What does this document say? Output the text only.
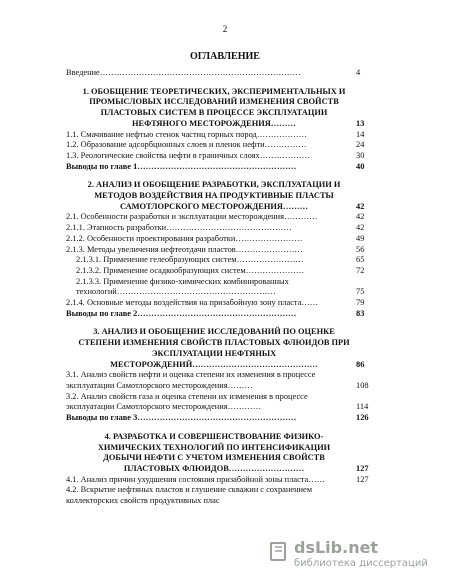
2
ОГЛАВЛЕНИЕ
Введение………………………………………………………………	4
1. ОБОБЩЕНИЕ ТЕОРЕТИЧЕСКИХ, ЭКСПЕРИМЕНТАЛЬНЫХ И ПРОМЫСЛОВЫХ ИССЛЕДОВАНИЙ ИЗМЕНЕНИЯ СВОЙСТВ ПЛАСТОВЫХ СИСТЕМ В ПРОЦЕССЕ ЭКСПЛУАТАЦИИ НЕФТЯНОГО МЕСТОРОЖДЕНИЯ………	13
1.1. Смачивание нефтью стенок частиц горных пород………………	14
1.2. Образование адсорбционных слоев и пленок нефти……………	24
1.3. Реологические свойства нефти в граничных слоях………………	30
Выводы по главе 1…………………………………………………	40
2. АНАЛИЗ И ОБОБЩЕНИЕ РАЗРАБОТКИ, ЭКСПЛУАТАЦИИ И МЕТОДОВ ВОЗДЕЙСТВИЯ НА ПРОДУКТИВНЫЕ ПЛАСТЫ САМОТЛОРСКОГО МЕСТОРОЖДЕНИЯ………	42
2.1. Особенности разработки и эксплуатации месторождения…………	42
2.1.1. Этапность разработки………………………………………	42
2.1.2. Особенности проектирования разработки……………………	49
2.1.3. Методы увеличения нефтеотдачи пластов……………………	56
2.1.3.1. Применение гелеобразующих систем……………………	65
2.1.3.2. Применение осадкообразующих систем…………………	72
2.1.3.3. Применение физико-химических комбинированных технологий…………………………………………………	75
2.1.4. Основные методы воздействия на призабойную зону пласта……	79
Выводы по главе 2…………………………………………………	83
3. АНАЛИЗ И ОБОБЩЕНИЕ ИССЛЕДОВАНИЙ ПО ОЦЕНКЕ СТЕПЕНИ ИЗМЕНЕНИЯ СВОЙСТВ ПЛАСТОВЫХ ФЛЮИДОВ ПРИ ЭКСПЛУАТАЦИИ НЕФТЯНЫХ МЕСТОРОЖДЕНИЙ………………………………………	86
3.1. Анализ свойств нефти и оценка степени их изменения в процессе эксплуатации Самотлорского месторождения………	108
3.2. Анализ свойств газа и оценка степени их изменения в процессе эксплуатации Самотлорского месторождения…………	114
Выводы по главе 3…………………………………………………	126
4. РАЗРАБОТКА И СОВЕРШЕНСТВОВАНИЕ ФИЗИКО-ХИМИЧЕСКИХ ТЕХНОЛОГИЙ ПО ИНТЕНСИФИКАЦИИ ДОБЫЧИ НЕФТИ С УЧЕТОМ ИЗМЕНЕНИЯ СВОЙСТВ ПЛАСТОВЫХ ФЛЮИДОВ………………………	127
4.1. Анализ причин ухудшения состояния призабойной зоны пласта……	127
4.2. Вскрытие нефтяных пластов и глушение скважин с сохранением коллекторских свойств продуктивных плас
dsLib.net
библиотека диссертаций
